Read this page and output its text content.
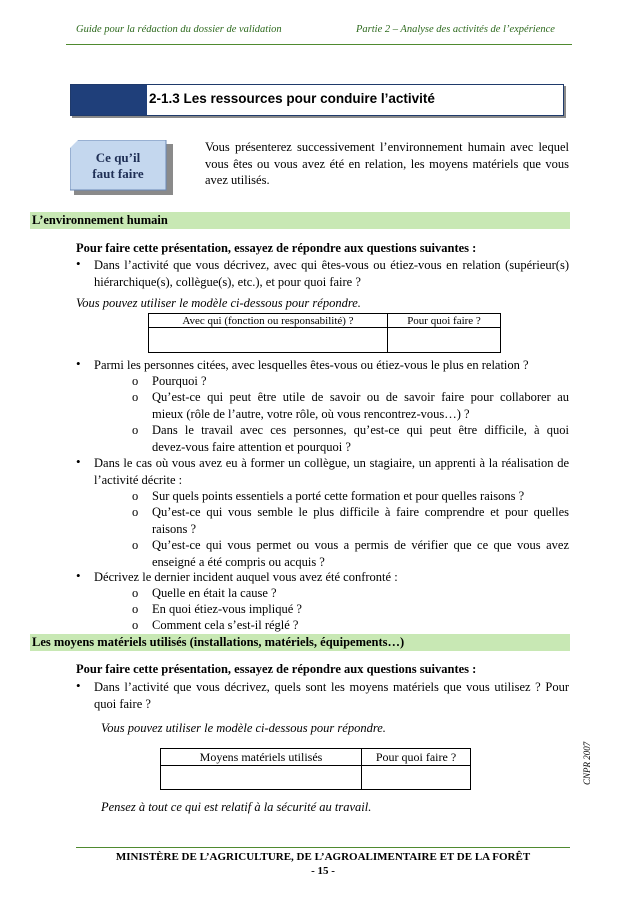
Guide pour la rédaction du dossier de validation	Partie 2 – Analyse des activités de l’expérience
2-1.3 Les ressources pour conduire l’activité
Ce qu’il
faut faire
Vous présenterez successivement l’environnement humain avec lequel
vous êtes ou vous avez été en relation, les moyens matériels que vous
avez utilisés.
L’environnement humain
Pour faire cette présentation, essayez de répondre aux questions suivantes :
• Dans l’activité que vous décrivez, avec qui êtes-vous ou étiez-vous en relation (supérieur(s)
hiérarchique(s), collègue(s), etc.), et pour quoi faire ?
Vous pouvez utiliser le modèle ci-dessous pour répondre.
Avec qui (fonction ou responsabilité) ?	Pour quoi faire ?

• Parmi les personnes citées, avec lesquelles êtes-vous ou étiez-vous le plus en relation ?
o Pourquoi ?
o Qu’est-ce qui peut être utile de savoir ou de savoir faire pour collaborer au
mieux (rôle de l’autre, votre rôle, où vous rencontrez-vous…) ?
o Dans le travail avec ces personnes, qu’est-ce qui peut être difficile, à quoi
devez-vous faire attention et pourquoi ?
• Dans le cas où vous avez eu à former un collègue, un stagiaire, un apprenti à la réalisation de
l’activité décrite :
o Sur quels points essentiels a porté cette formation et pour quelles raisons ?
o Qu’est-ce qui vous semble le plus difficile à faire comprendre et pour quelles
raisons ?
o Qu’est-ce qui vous permet ou vous a permis de vérifier que ce que vous avez
enseigné a été compris ou acquis ?
• Décrivez le dernier incident auquel vous avez été confronté :
o Quelle en était la cause ?
o En quoi étiez-vous impliqué ?
o Comment cela s’est-il réglé ?
Les moyens matériels utilisés (installations, matériels, équipements…)
Pour faire cette présentation, essayez de répondre aux questions suivantes :
• Dans l’activité que vous décrivez, quels sont les moyens matériels que vous utilisez ? Pour
quoi faire ?
Vous pouvez utiliser le modèle ci-dessous pour répondre.
Moyens matériels utilisés	Pour quoi faire ?

Pensez à tout ce qui est relatif à la sécurité au travail.
CNPR 2007
MINISTÈRE DE L’AGRICULTURE, DE L’AGROALIMENTAIRE ET DE LA FORÊT
- 15 -
